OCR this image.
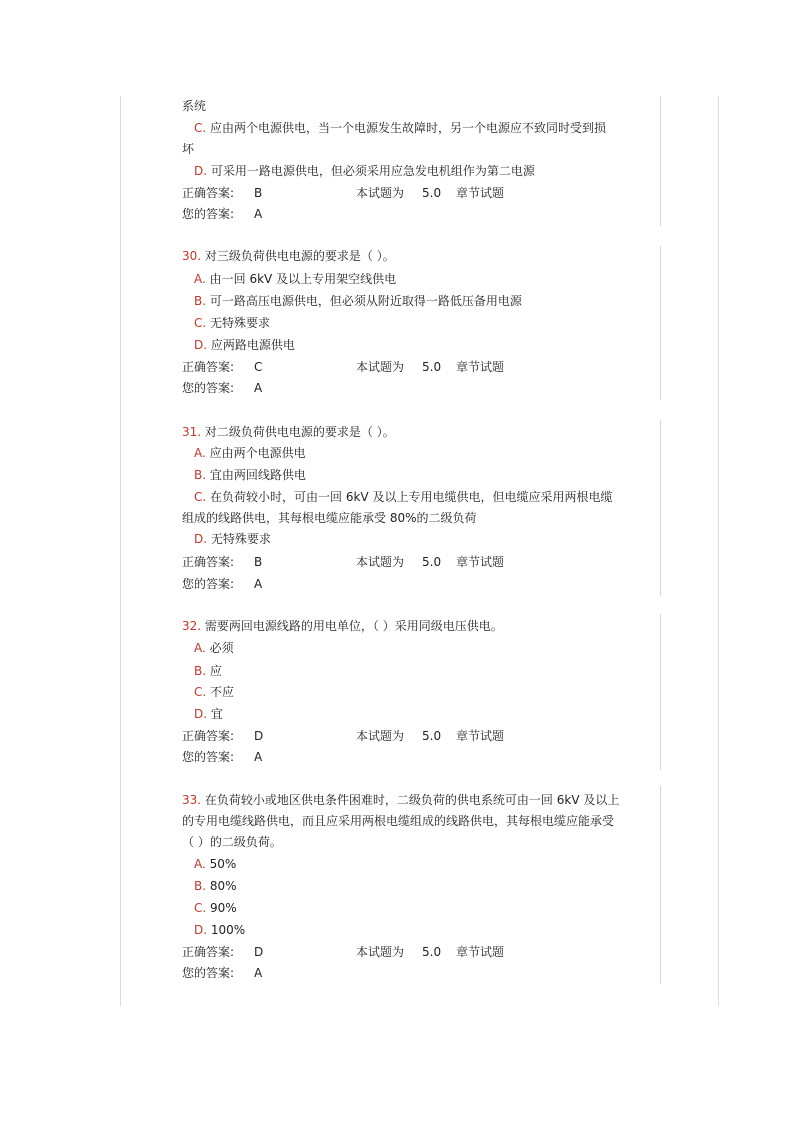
系统
C. 应由两个电源供电，当一个电源发生故障时，另一个电源应不致同时受到损
坏
D. 可采用一路电源供电，但必须采用应急发电机组作为第二电源
正确答案: B	本试题为 5.0 章节试题
您的答案: A
30. 对三级负荷供电电源的要求是（ ）。
A. 由一回 6kV 及以上专用架空线供电
B. 可一路高压电源供电，但必须从附近取得一路低压备用电源
C. 无特殊要求
D. 应两路电源供电
正确答案: C	本试题为 5.0 章节试题
您的答案: A
31. 对二级负荷供电电源的要求是（ ）。
A. 应由两个电源供电
B. 宜由两回线路供电
C. 在负荷较小时，可由一回 6kV 及以上专用电缆供电，但电缆应采用两根电缆
组成的线路供电，其每根电缆应能承受 80%的二级负荷
D. 无特殊要求
正确答案: B	本试题为 5.0 章节试题
您的答案: A
32. 需要两回电源线路的用电单位，（ ）采用同级电压供电。
A. 必须
B. 应
C. 不应
D. 宜
正确答案: D	本试题为 5.0 章节试题
您的答案: A
33. 在负荷较小或地区供电条件困难时，二级负荷的供电系统可由一回 6kV 及以上
的专用电缆线路供电，而且应采用两根电缆组成的线路供电，其每根电缆应能承受
（ ）的二级负荷。
A. 50%
B. 80%
C. 90%
D. 100%
正确答案: D	本试题为 5.0 章节试题
您的答案: A
